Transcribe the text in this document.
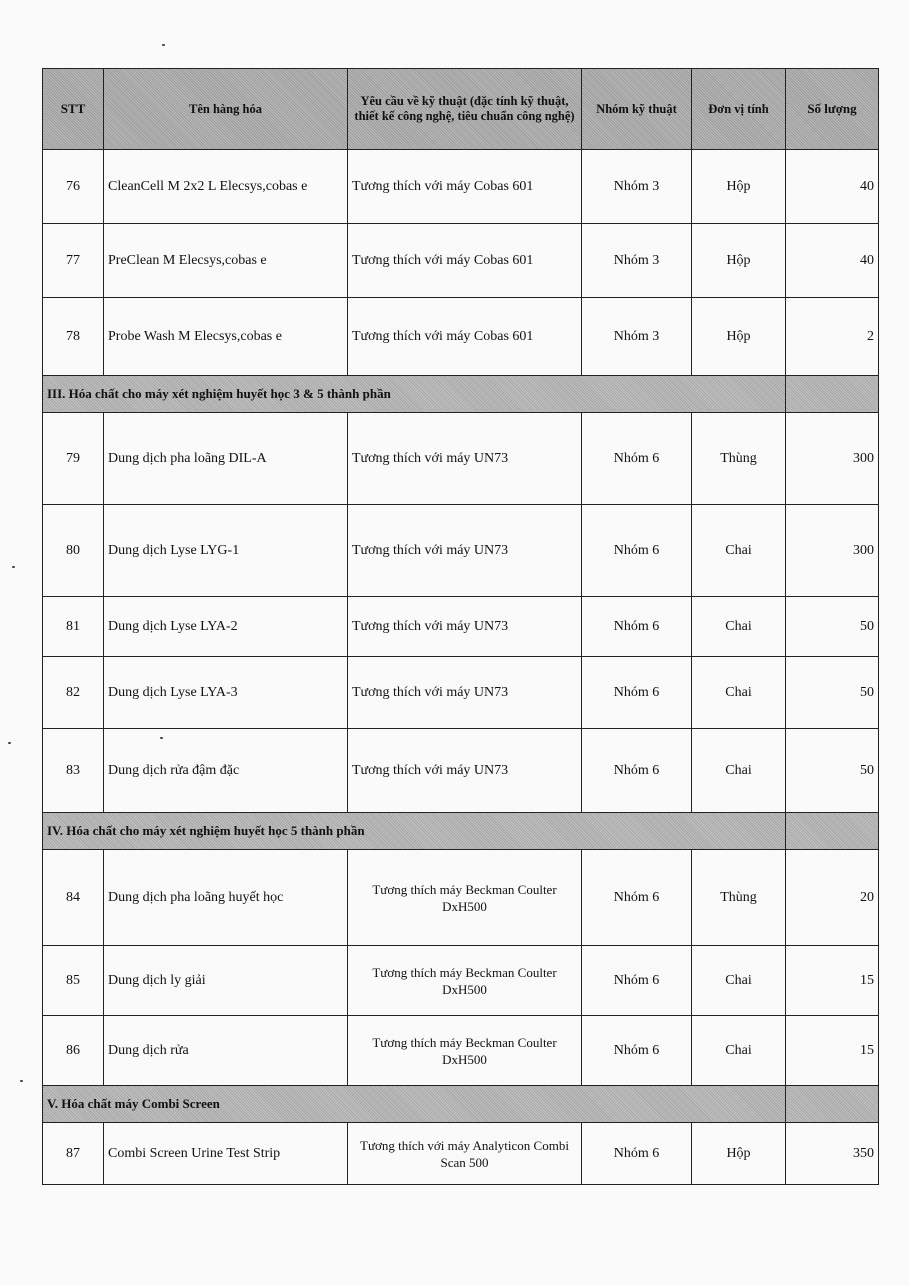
STT	Tên hàng hóa	Yêu cầu về kỹ thuật (đặc tính kỹ thuật, thiết kế công nghệ, tiêu chuẩn công nghệ)	Nhóm kỹ thuật	Đơn vị tính	Số lượng
76	CleanCell M 2x2 L Elecsys,cobas e	Tương thích với máy Cobas 601	Nhóm 3	Hộp	40
77	PreClean M Elecsys,cobas e	Tương thích với máy Cobas 601	Nhóm 3	Hộp	40
78	Probe Wash M Elecsys,cobas e	Tương thích với máy Cobas 601	Nhóm 3	Hộp	2
III. Hóa chất cho máy xét nghiệm huyết học 3 & 5 thành phần					
79	Dung dịch pha loãng DIL-A	Tương thích với máy UN73	Nhóm 6	Thùng	300
80	Dung dịch Lyse LYG-1	Tương thích với máy UN73	Nhóm 6	Chai	300
81	Dung dịch Lyse LYA-2	Tương thích với máy UN73	Nhóm 6	Chai	50
82	Dung dịch Lyse LYA-3	Tương thích với máy UN73	Nhóm 6	Chai	50
83	Dung dịch rửa đậm đặc	Tương thích với máy UN73	Nhóm 6	Chai	50
IV. Hóa chất cho máy xét nghiệm huyết học 5 thành phần					
84	Dung dịch pha loãng huyết học	Tương thích máy Beckman Coulter DxH500	Nhóm 6	Thùng	20
85	Dung dịch ly giải	Tương thích máy Beckman Coulter DxH500	Nhóm 6	Chai	15
86	Dung dịch rửa	Tương thích máy Beckman Coulter DxH500	Nhóm 6	Chai	15
V. Hóa chất máy Combi Screen					
87	Combi Screen Urine Test Strip	Tương thích với máy Analyticon Combi Scan 500	Nhóm 6	Hộp	350
